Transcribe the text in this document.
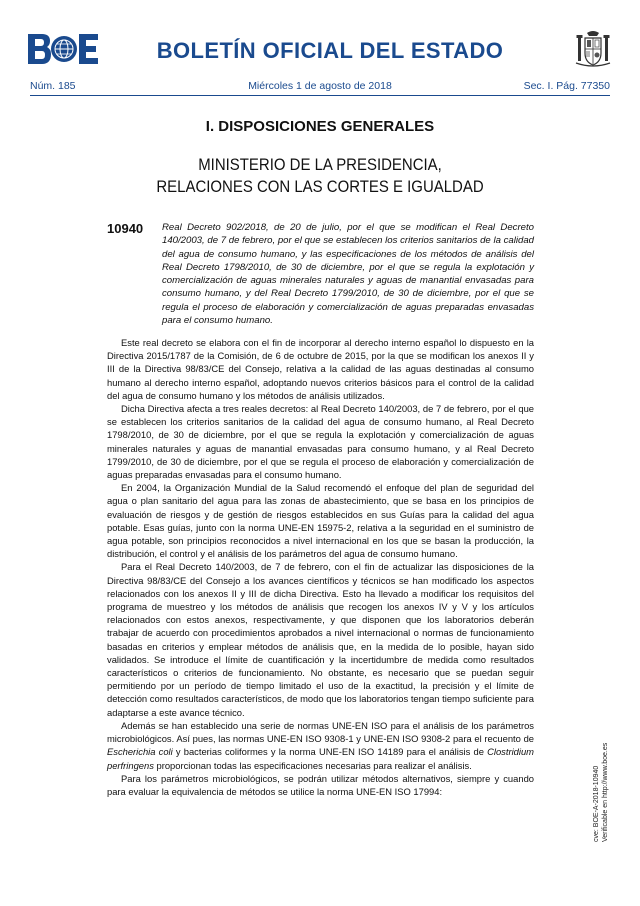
BOLETÍN OFICIAL DEL ESTADO
Núm. 185	Miércoles 1 de agosto de 2018	Sec. I. Pág. 77350
I. DISPOSICIONES GENERALES
MINISTERIO DE LA PRESIDENCIA,
RELACIONES CON LAS CORTES E IGUALDAD
10940 Real Decreto 902/2018, de 20 de julio, por el que se modifican el Real Decreto 140/2003, de 7 de febrero, por el que se establecen los criterios sanitarios de la calidad del agua de consumo humano, y las especificaciones de los métodos de análisis del Real Decreto 1798/2010, de 30 de diciembre, por el que se regula la explotación y comercialización de aguas minerales naturales y aguas de manantial envasadas para consumo humano, y del Real Decreto 1799/2010, de 30 de diciembre, por el que se regula el proceso de elaboración y comercialización de aguas preparadas envasadas para el consumo humano.

Este real decreto se elabora con el fin de incorporar al derecho interno español lo dispuesto en la Directiva 2015/1787 de la Comisión, de 6 de octubre de 2015, por la que se modifican los anexos II y III de la Directiva 98/83/CE del Consejo, relativa a la calidad de las aguas destinadas al consumo humano al derecho interno español, adoptando nuevos criterios básicos para el control de la calidad del agua de consumo humano y los métodos de análisis utilizados.

Dicha Directiva afecta a tres reales decretos: al Real Decreto 140/2003, de 7 de febrero, por el que se establecen los criterios sanitarios de la calidad del agua de consumo humano, al Real Decreto 1798/2010, de 30 de diciembre, por el que se regula la explotación y comercialización de aguas minerales naturales y aguas de manantial envasadas para consumo humano, y al Real Decreto 1799/2010, de 30 de diciembre, por el que se regula el proceso de elaboración y comercialización de aguas preparadas envasadas para el consumo humano.

En 2004, la Organización Mundial de la Salud recomendó el enfoque del plan de seguridad del agua o plan sanitario del agua para las zonas de abastecimiento, que se basa en los principios de evaluación de riesgos y de gestión de riesgos establecidos en sus Guías para la calidad del agua potable. Esas guías, junto con la norma UNE-EN 15975-2, relativa a la seguridad en el suministro de agua potable, son principios reconocidos a nivel internacional en los que se basan la producción, la distribución, el control y el análisis de los parámetros del agua de consumo humano.

Para el Real Decreto 140/2003, de 7 de febrero, con el fin de actualizar las disposiciones de la Directiva 98/83/CE del Consejo a los avances científicos y técnicos se han modificado los aspectos relacionados con los anexos II y III de dicha Directiva. Esto ha llevado a modificar los requisitos del programa de muestreo y los métodos de análisis que recogen los anexos IV y V y los artículos relacionados con estos anexos, respectivamente, y que disponen que los laboratorios deberán trabajar de acuerdo con procedimientos aprobados a nivel internacional o normas de funcionamiento basadas en criterios y emplear métodos de análisis que, en la medida de lo posible, hayan sido validados. Se introduce el límite de cuantificación y la incertidumbre de medida como resultados característicos o criterios de funcionamiento. No obstante, es necesario que se puedan seguir permitiendo por un período de tiempo limitado el uso de la exactitud, la precisión y el límite de detección como resultados característicos, de modo que los laboratorios tengan tiempo suficiente para adaptarse a este avance técnico.

Además se han establecido una serie de normas UNE-EN ISO para el análisis de los parámetros microbiológicos. Así pues, las normas UNE-EN ISO 9308-1 y UNE-EN ISO 9308-2 para el recuento de Escherichia coli y bacterias coliformes y la norma UNE-EN ISO 14189 para el análisis de Clostridium perfringens proporcionan todas las especificaciones necesarias para realizar el análisis.

Para los parámetros microbiológicos, se podrán utilizar métodos alternativos, siempre y cuando para evaluar la equivalencia de métodos se utilice la norma UNE-EN ISO 17994:	cve: BOE-A-2018-10940 Verificable en http://www.boe.es
